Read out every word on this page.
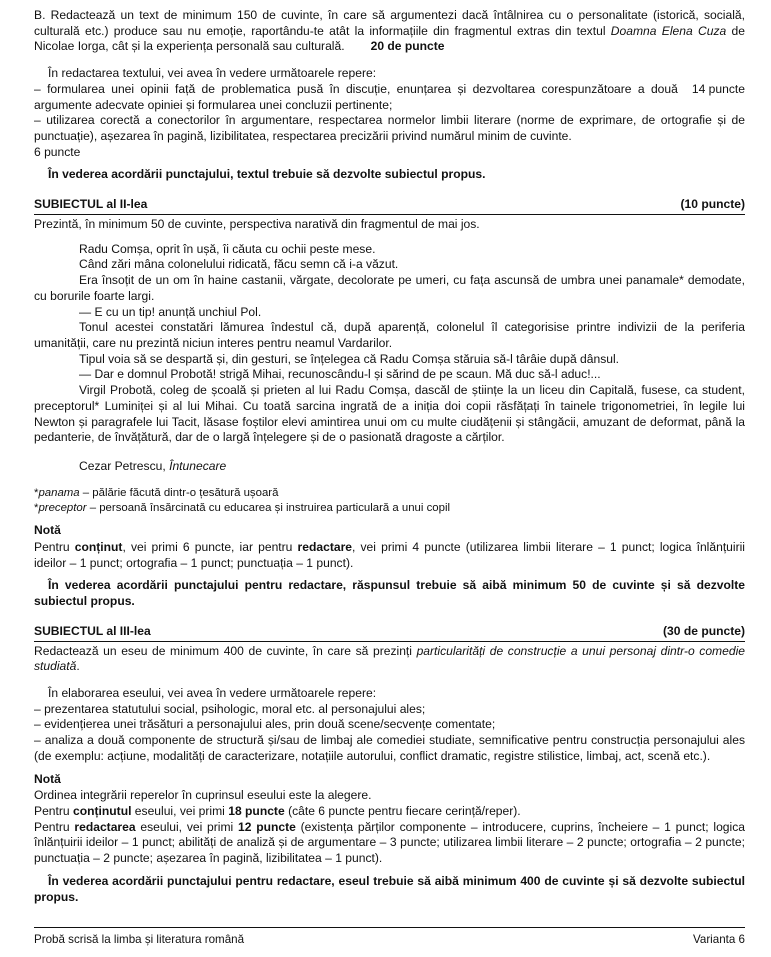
B. Redactează un text de minimum 150 de cuvinte, în care să argumentezi dacă întâlnirea cu o personalitate (istorică, socială, culturală etc.) produce sau nu emoție, raportându-te atât la informațiile din fragmentul extras din textul Doamna Elena Cuza de Nicolae Iorga, cât și la experiența personală sau culturală. 20 de puncte

În redactarea textului, vei avea în vedere următoarele repere:

14 puncte
– formularea unei opinii față de problematica pusă în discuție, enunțarea și dezvoltarea corespunzătoare a două argumente adecvate opiniei și formularea unei concluzii pertinente;

– utilizarea corectă a conectorilor în argumentare, respectarea normelor limbii literare (norme de exprimare, de ortografie și de punctuație), așezarea în pagină, lizibilitatea, respectarea precizării privind numărul minim de cuvinte.

6 puncte

În vederea acordării punctajului, textul trebuie să dezvolte subiectul propus.

SUBIECTUL al II-lea	(10 puncte)

Prezintă, în minimum 50 de cuvinte, perspectiva narativă din fragmentul de mai jos.

Radu Comșa, oprit în ușă, îi căuta cu ochii peste mese.

Când zări mâna colonelului ridicată, făcu semn că i-a văzut.

Era însoțit de un om în haine castanii, vărgate, decolorate pe umeri, cu fața ascunsă de umbra unei panamale* demodate, cu borurile foarte largi.

— E cu un tip! anunță unchiul Pol.

Tonul acestei constatări lămurea îndestul că, după aparență, colonelul îl categorisise printre indivizii de la periferia umanității, care nu prezintă niciun interes pentru neamul Vardarilor.

Tipul voia să se despartă și, din gesturi, se înțelegea că Radu Comșa stăruia să-l târâie după dânsul.

— Dar e domnul Probotă! strigă Mihai, recunoscându-l și sărind de pe scaun. Mă duc să-l aduc!...

Virgil Probotă, coleg de școală și prieten al lui Radu Comșa, dascăl de științe la un liceu din Capitală, fusese, ca student, preceptorul* Luminiței și al lui Mihai. Cu toată sarcina ingrată de a iniția doi copii răsfățați în tainele trigonometriei, în legile lui Newton și paragrafele lui Tacit, lăsase foștilor elevi amintirea unui om cu multe ciudățenii și stângăcii, amuzant de deformat, până la pedanterie, de învățătură, dar de o largă înțelegere și de o pasionată dragoste a cărților.

Cezar Petrescu, Întunecare

*panama – pălărie făcută dintr-o țesătură ușoară

*preceptor – persoană însărcinată cu educarea și instruirea particulară a unui copil

Notă

Pentru conținut, vei primi 6 puncte, iar pentru redactare, vei primi 4 puncte (utilizarea limbii literare – 1 punct; logica înlănțuirii ideilor – 1 punct; ortografia – 1 punct; punctuația – 1 punct).

În vederea acordării punctajului pentru redactare, răspunsul trebuie să aibă minimum 50 de cuvinte și să dezvolte subiectul propus.

SUBIECTUL al III-lea	(30 de puncte)

Redactează un eseu de minimum 400 de cuvinte, în care să prezinți particularități de construcție a unui personaj dintr-o comedie studiată.

În elaborarea eseului, vei avea în vedere următoarele repere:

– prezentarea statutului social, psihologic, moral etc. al personajului ales;

– evidențierea unei trăsături a personajului ales, prin două scene/secvențe comentate;

– analiza a două componente de structură și/sau de limbaj ale comediei studiate, semnificative pentru construcția personajului ales (de exemplu: acțiune, modalități de caracterizare, notațiile autorului, conflict dramatic, registre stilistice, limbaj, act, scenă etc.).

Notă

Ordinea integrării reperelor în cuprinsul eseului este la alegere.

Pentru conținutul eseului, vei primi 18 puncte (câte 6 puncte pentru fiecare cerință/reper).

Pentru redactarea eseului, vei primi 12 puncte (existența părților componente – introducere, cuprins, încheiere – 1 punct; logica înlănțuirii ideilor – 1 punct; abilități de analiză și de argumentare – 3 puncte; utilizarea limbii literare – 2 puncte; ortografia – 2 puncte; punctuația – 2 puncte; așezarea în pagină, lizibilitatea – 1 punct).

În vederea acordării punctajului pentru redactare, eseul trebuie să aibă minimum 400 de cuvinte și să dezvolte subiectul propus.

Probă scrisă la limba și literatura română	Varianta 6
